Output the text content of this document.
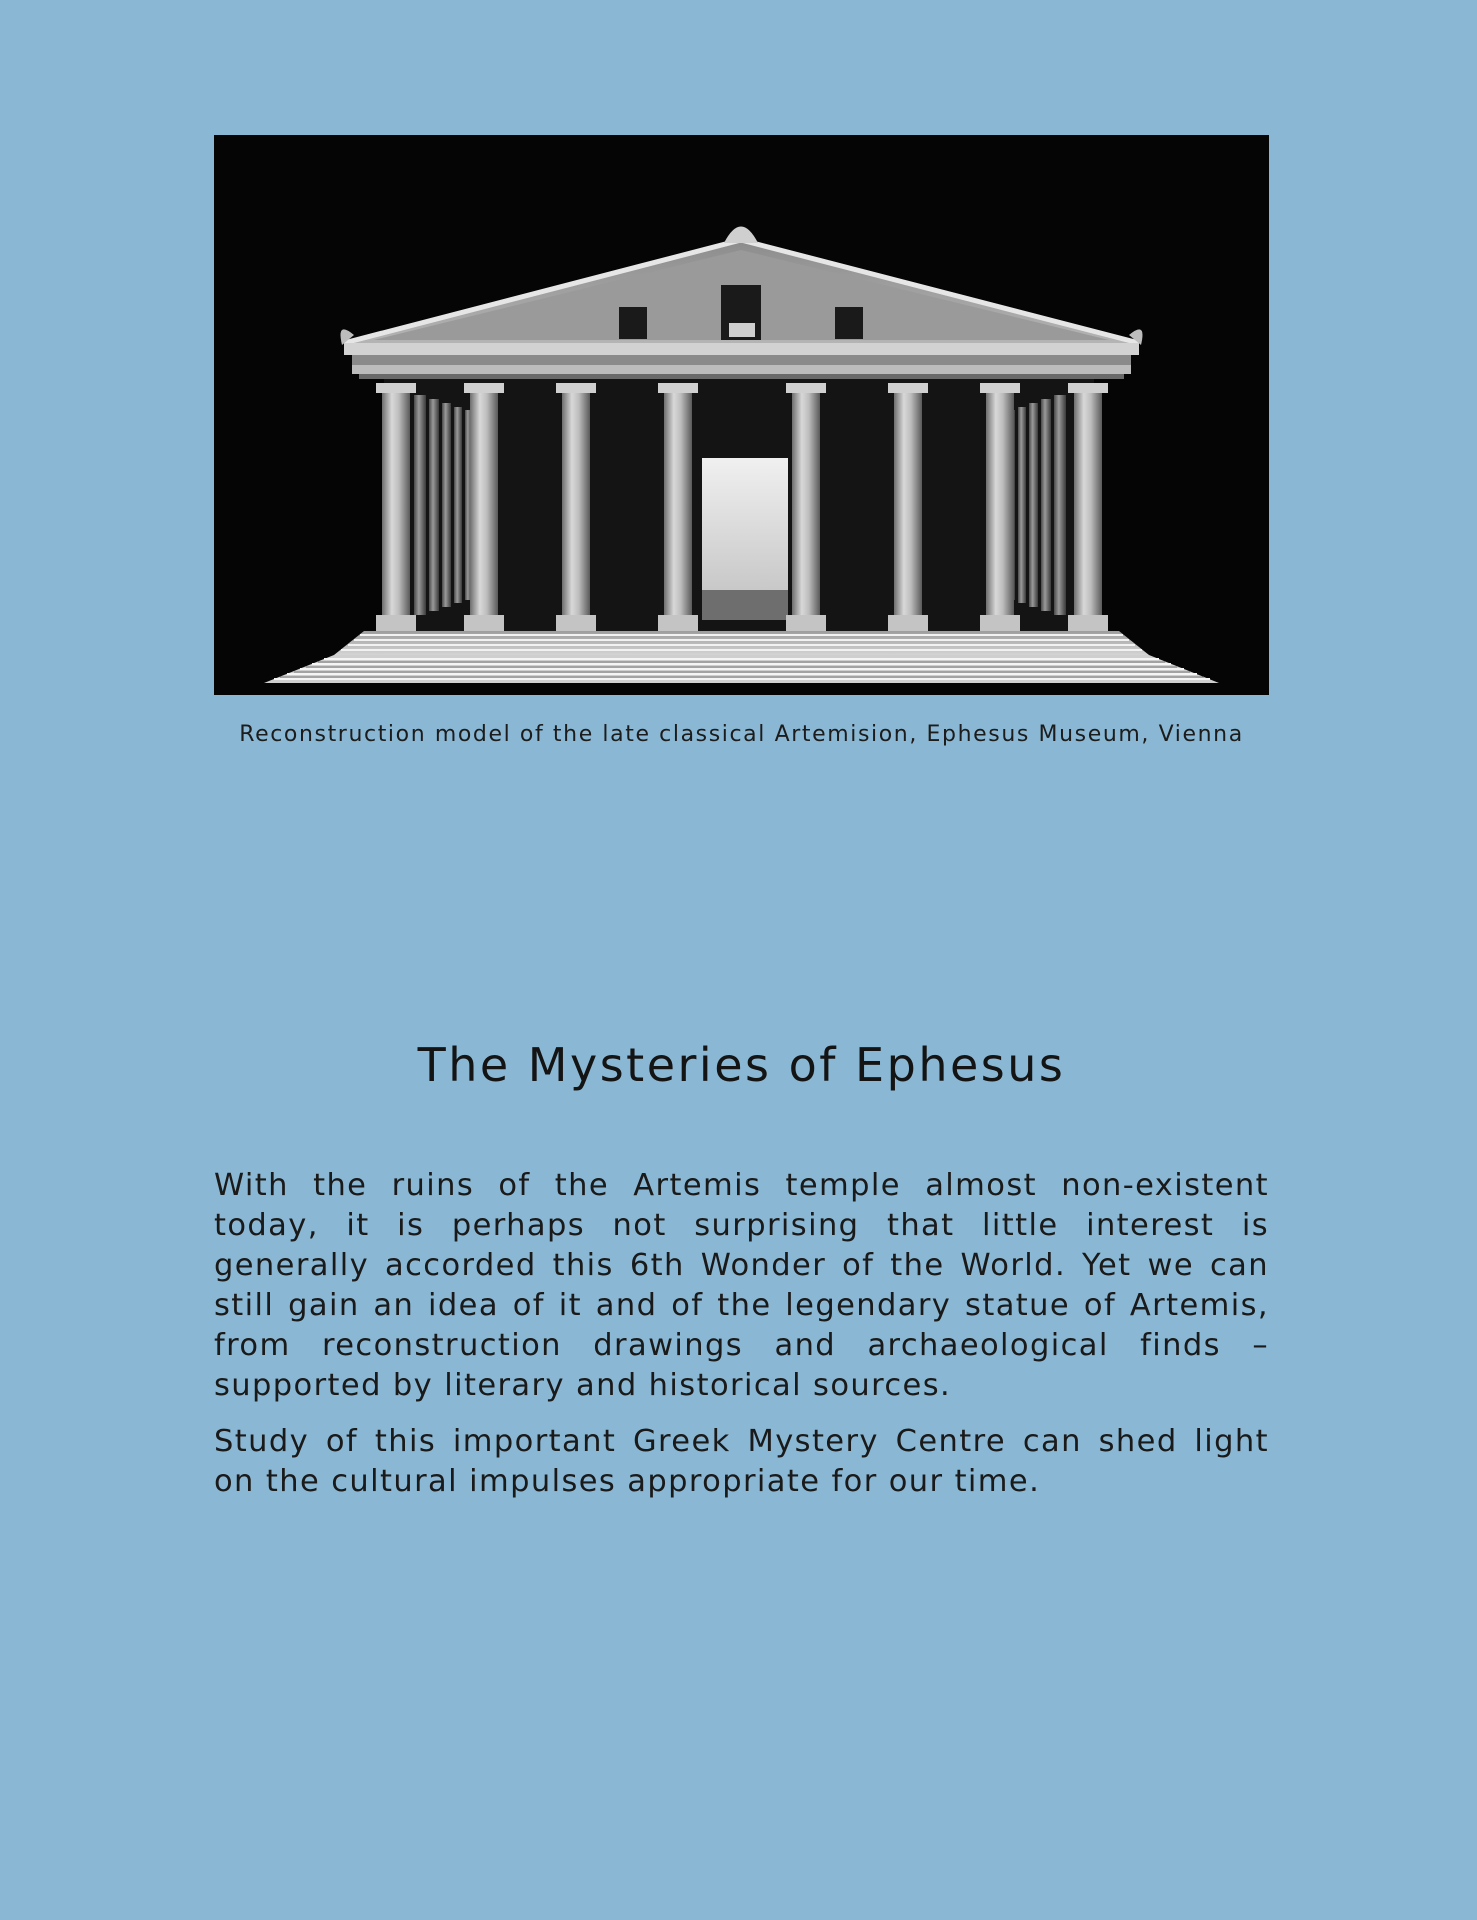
Reconstruction model of the late classical Artemision, Ephesus Museum, Vienna
The Mysteries of Ephesus

With the ruins of the Artemis temple almost non-existent today, it is perhaps not surprising that little interest is generally accorded this 6th Wonder of the World. Yet we can still gain an idea of it and of the legendary statue of Artemis, from reconstruction drawings and archaeological finds – supported by literary and historical sources.

Study of this important Greek Mystery Centre can shed light on the cultural impulses appropriate for our time.
